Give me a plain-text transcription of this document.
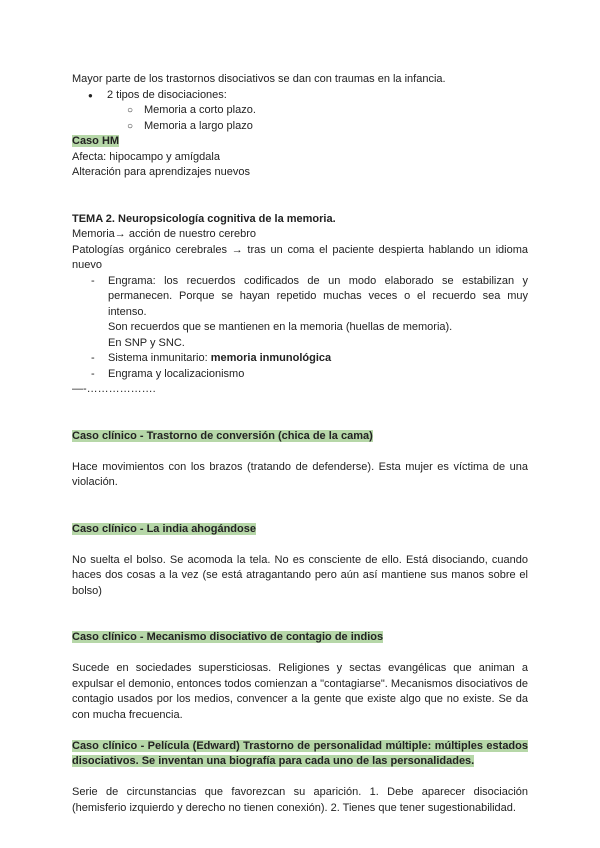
Mayor parte de los trastornos disociativos se dan con traumas en la infancia.

● 2 tipos de disociaciones:
○ Memoria a corto plazo.
○ Memoria a largo plazo

Caso HM

Afecta: hipocampo y amígdala

Alteración para aprendizajes nuevos

TEMA 2. Neuropsicología cognitiva de la memoria.

Memoria→ acción de nuestro cerebro

Patologías orgánico cerebrales → tras un coma el paciente despierta hablando un idioma nuevo

- Engrama: los recuerdos codificados de un modo elaborado se estabilizan y permanecen. Porque se hayan repetido muchas veces o el recuerdo sea muy intenso.
Son recuerdos que se mantienen en la memoria (huellas de memoria).
En SNP y SNC.
- Sistema inmunitario: memoria inmunológica
- Engrama y localizacionismo

—-……………….

Caso clínico - Trastorno de conversión (chica de la cama)

Hace movimientos con los brazos (tratando de defenderse). Esta mujer es víctima de una violación.

Caso clínico - La india ahogándose

No suelta el bolso. Se acomoda la tela. No es consciente de ello. Está disociando, cuando haces dos cosas a la vez (se está atragantando pero aún así mantiene sus manos sobre el bolso)

Caso clínico - Mecanismo disociativo de contagio de indios

Sucede en sociedades supersticiosas. Religiones y sectas evangélicas que animan a expulsar el demonio, entonces todos comienzan a "contagiarse". Mecanismos disociativos de contagio usados por los medios, convencer a la gente que existe algo que no existe. Se da con mucha frecuencia.

Caso clínico - Película (Edward) Trastorno de personalidad múltiple: múltiples estados disociativos. Se inventan una biografía para cada uno de las personalidades.

Serie de circunstancias que favorezcan su aparición. 1. Debe aparecer disociación (hemisferio izquierdo y derecho no tienen conexión). 2. Tienes que tener sugestionabilidad.
